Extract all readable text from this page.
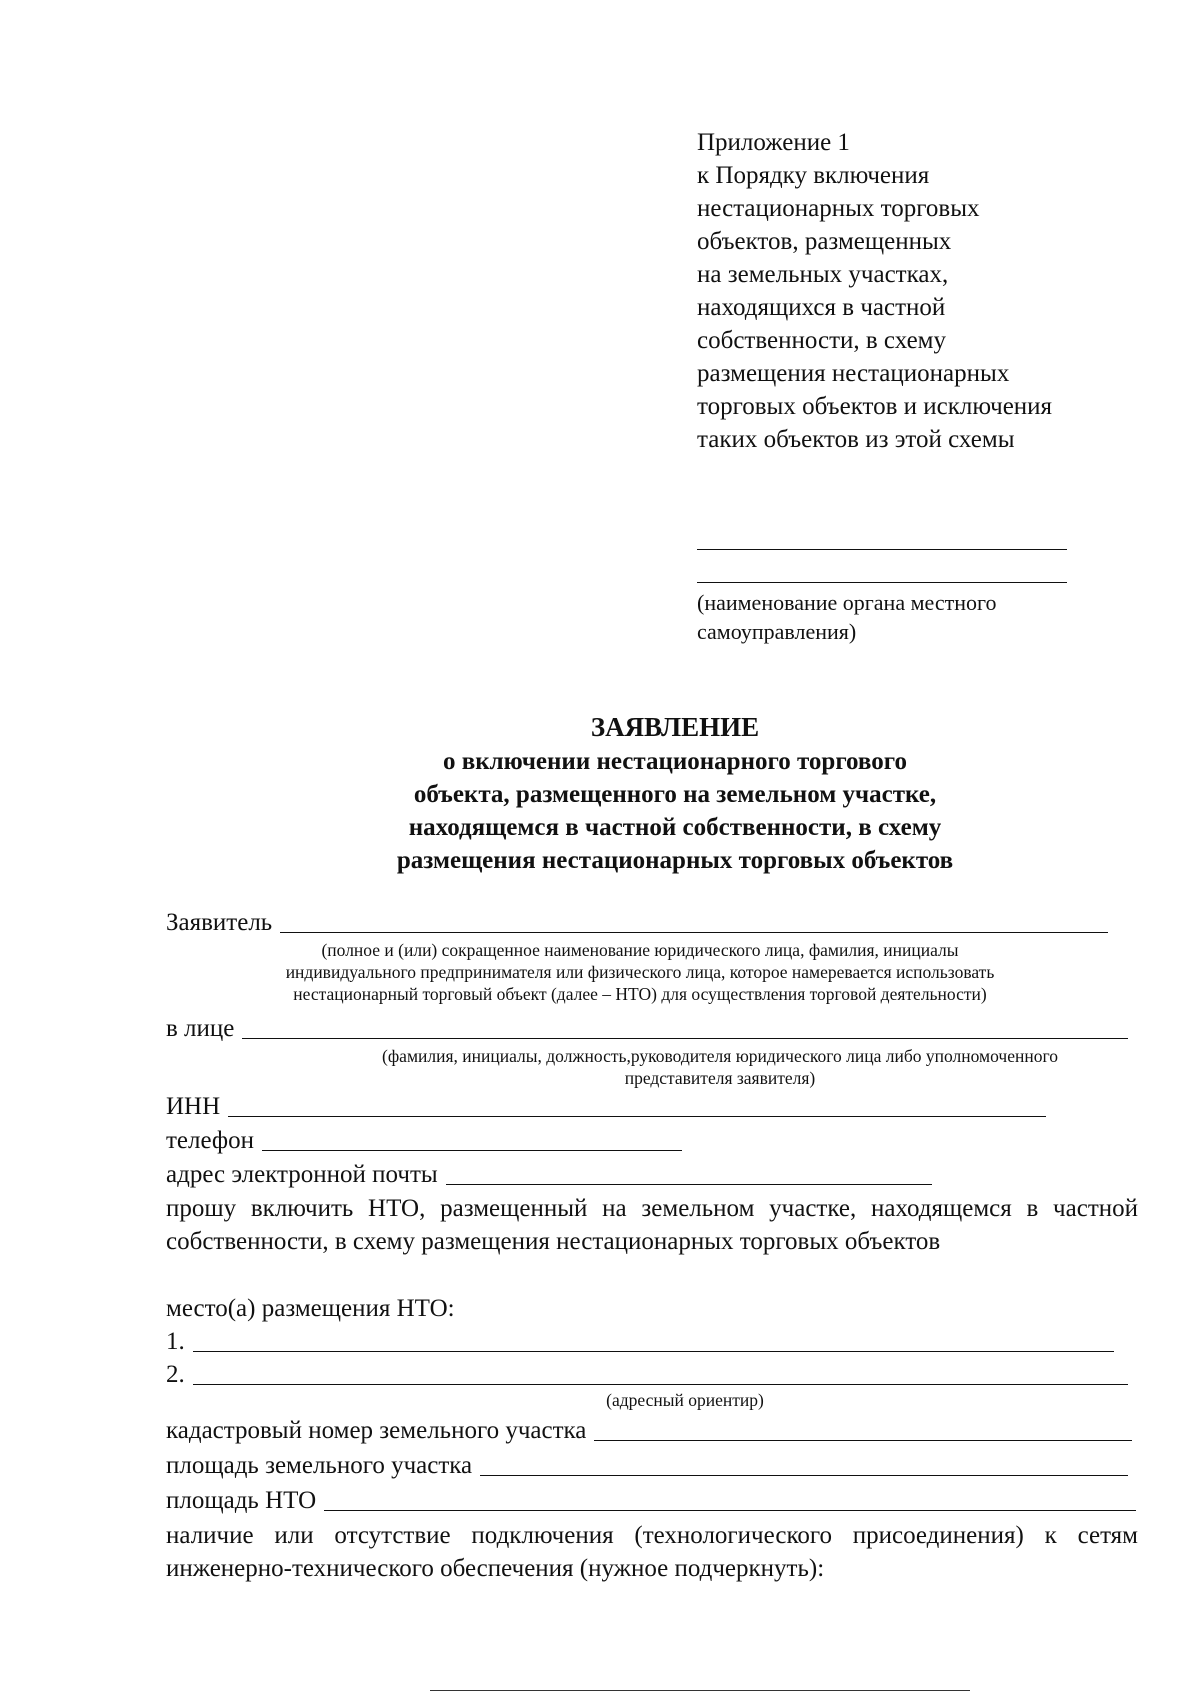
Приложение 1
к Порядку включения
нестационарных торговых
объектов, размещенных
на земельных участках,
находящихся в частной
собственности, в схему
размещения нестационарных
торговых объектов и исключения
таких объектов из этой схемы
(наименование органа местного
самоуправления)
ЗАЯВЛЕНИЕ
о включении нестационарного торгового
объекта, размещенного на земельном участке,
находящемся в частной собственности, в схему
размещения нестационарных торговых объектов
Заявитель
(полное и (или) сокращенное наименование юридического лица, фамилия, инициалы
индивидуального предпринимателя или физического лица, которое намеревается использовать
нестационарный торговый объект (далее – НТО) для осуществления торговой деятельности)
в лице
(фамилия, инициалы, должность,руководителя юридического лица либо уполномоченного
представителя заявителя)
ИНН
телефон
адрес электронной почты
прошу включить НТО, размещенный на земельном участке, находящемся в частной собственности, в схему размещения нестационарных торговых объектов
место(а) размещения НТО:
1.
2.
(адресный ориентир)
кадастровый номер земельного участка
площадь земельного участка
площадь НТО
наличие или отсутствие подключения (технологического присоединения) к сетям инженерно-технического обеспечения (нужное подчеркнуть):
